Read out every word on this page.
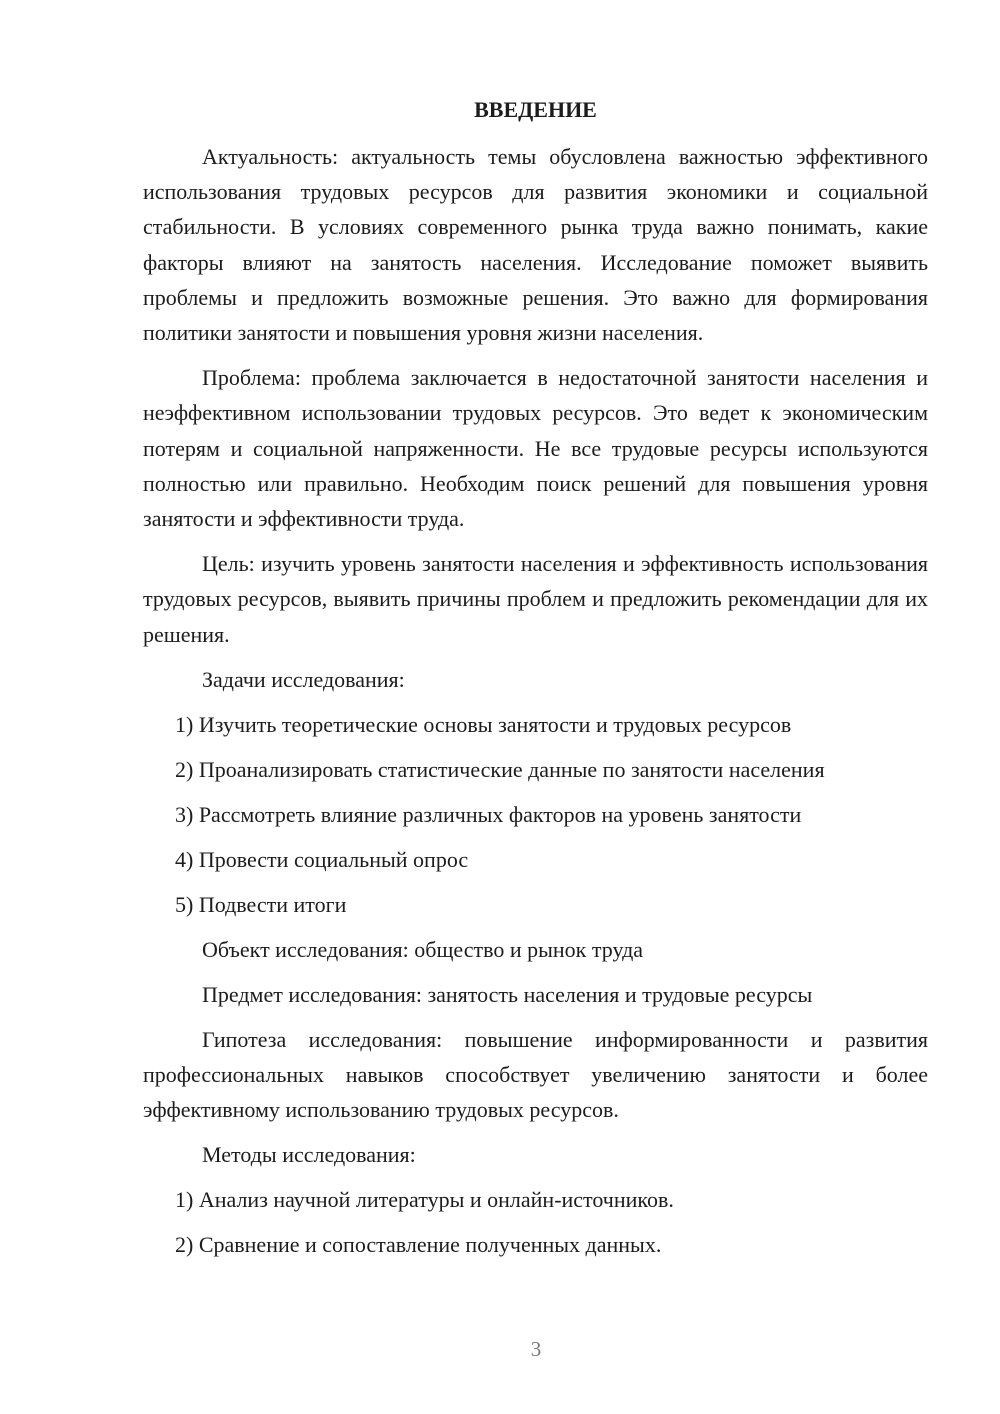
ВВЕДЕНИЕ

Актуальность: актуальность темы обусловлена важностью эффективного использования трудовых ресурсов для развития экономики и социальной стабильности. В условиях современного рынка труда важно понимать, какие факторы влияют на занятость населения. Исследование поможет выявить проблемы и предложить возможные решения. Это важно для формирования политики занятости и повышения уровня жизни населения.

Проблема: проблема заключается в недостаточной занятости населения и неэффективном использовании трудовых ресурсов. Это ведет к экономическим потерям и социальной напряженности. Не все трудовые ресурсы используются полностью или правильно. Необходим поиск решений для повышения уровня занятости и эффективности труда.

Цель: изучить уровень занятости населения и эффективность использования трудовых ресурсов, выявить причины проблем и предложить рекомендации для их решения.

Задачи исследования:
1) Изучить теоретические основы занятости и трудовых ресурсов
2) Проанализировать статистические данные по занятости населения
3) Рассмотреть влияние различных факторов на уровень занятости
4) Провести социальный опрос
5) Подвести итоги
Объект исследования: общество и рынок труда
Предмет исследования: занятость населения и трудовые ресурсы

Гипотеза исследования: повышение информированности и развития профессиональных навыков способствует увеличению занятости и более эффективному использованию трудовых ресурсов.

Методы исследования:
1) Анализ научной литературы и онлайн-источников.
2) Сравнение и сопоставление полученных данных.
3
